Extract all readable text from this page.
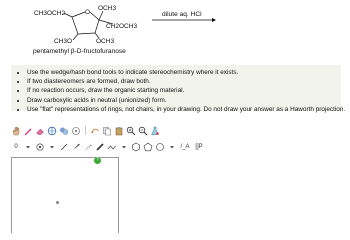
O
CH3OCH2
OCH3
CH2OCH3
CH3O	OCH3
pentamethyl β-D-fructofuranose
dilute aq. HCl
• Use the wedge/hash bond tools to indicate stereochemistry where it exists.
• If two diastereomers are formed, draw both.
• If no reaction occurs, draw the organic starting material.
• Draw carboxylic acids in neutral (unionized) form.
• Use "flat" representations of rings, not chairs, in your drawing. Do not draw your answer as a Haworth projection.
0	/_A []P
?
